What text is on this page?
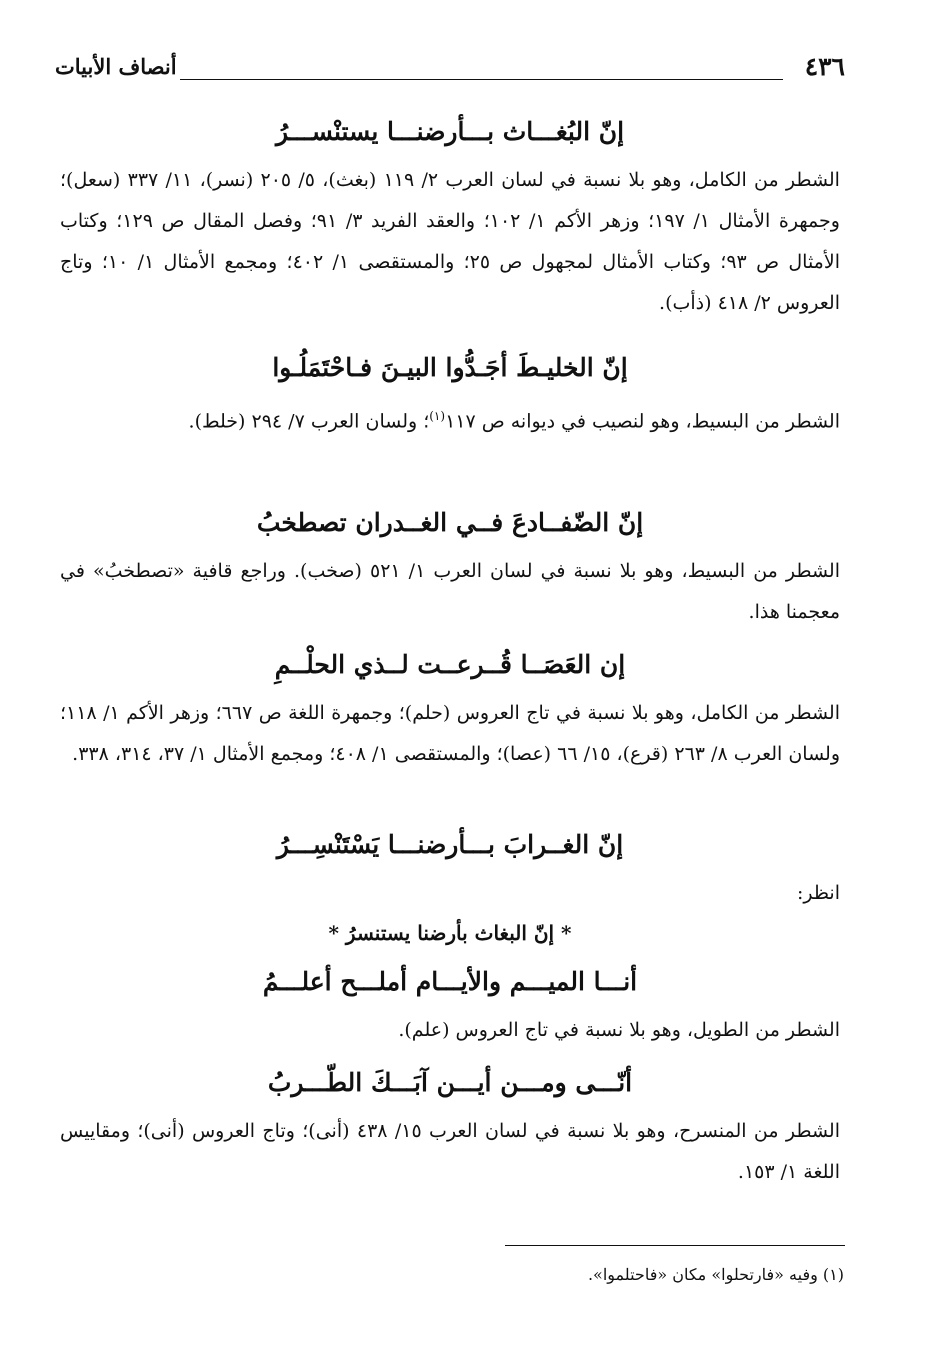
٤٣٦
أنصاف الأبيات
إنّ البُغـــاث بـــأرضنـــا يستنْســـرُ
الشطر من الكامل، وهو بلا نسبة في لسان العرب ٢/ ١١٩ (بغث)، ٥/ ٢٠٥ (نسر)، ١١/ ٣٣٧ (سعل)؛ وجمهرة الأمثال ١/ ١٩٧؛ وزهر الأكم ١/ ١٠٢؛ والعقد الفريد ٣/ ٩١؛ وفصل المقال ص ١٢٩؛ وكتاب الأمثال ص ٩٣؛ وكتاب الأمثال لمجهول ص ٢٥؛ والمستقصى ١/ ٤٠٢؛ ومجمع الأمثال ١/ ١٠؛ وتاج العروس ٢/ ٤١٨ (ذأب).
إنّ الخليـطَ أجَـدُّوا البيـنَ فـاحْتَمَلُـوا
الشطر من البسيط، وهو لنصيب في ديوانه ص ١١٧$^{(١)}$؛ ولسان العرب ٧/ ٢٩٤ (خلط).
إنّ الضّفــادعَ فــي الغــدران تصطخبُ
الشطر من البسيط، وهو بلا نسبة في لسان العرب ١/ ٥٢١ (صخب). وراجع قافية «تصطخبُ» في معجمنا هذا.
إن العَصَــا قُــرعــت لــذي الحلْــمِ
الشطر من الكامل، وهو بلا نسبة في تاج العروس (حلم)؛ وجمهرة اللغة ص ٦٦٧؛ وزهر الأكم ١/ ١١٨؛ ولسان العرب ٨/ ٢٦٣ (قرع)، ١٥/ ٦٦ (عصا)؛ والمستقصى ١/ ٤٠٨؛ ومجمع الأمثال ١/ ٣٧، ٣١٤، ٣٣٨.
إنّ الغــرابَ بـــأرضنـــا يَسْتَنْسِـــرُ
انظر:
* إنّ البغاث بأرضنا يستنسرُ *
أنـــا الميـــم والأيـــام أملـــح أعلـــمُ
الشطر من الطويل، وهو بلا نسبة في تاج العروس (علم).
أنّـــى ومـــن أيـــن آبَـــكَ الطّـــربُ
الشطر من المنسرح، وهو بلا نسبة في لسان العرب ١٥/ ٤٣٨ (أنى)؛ وتاج العروس (أنى)؛ ومقاييس اللغة ١/ ١٥٣.
(١) وفيه «فارتحلوا» مكان «فاحتلموا».
